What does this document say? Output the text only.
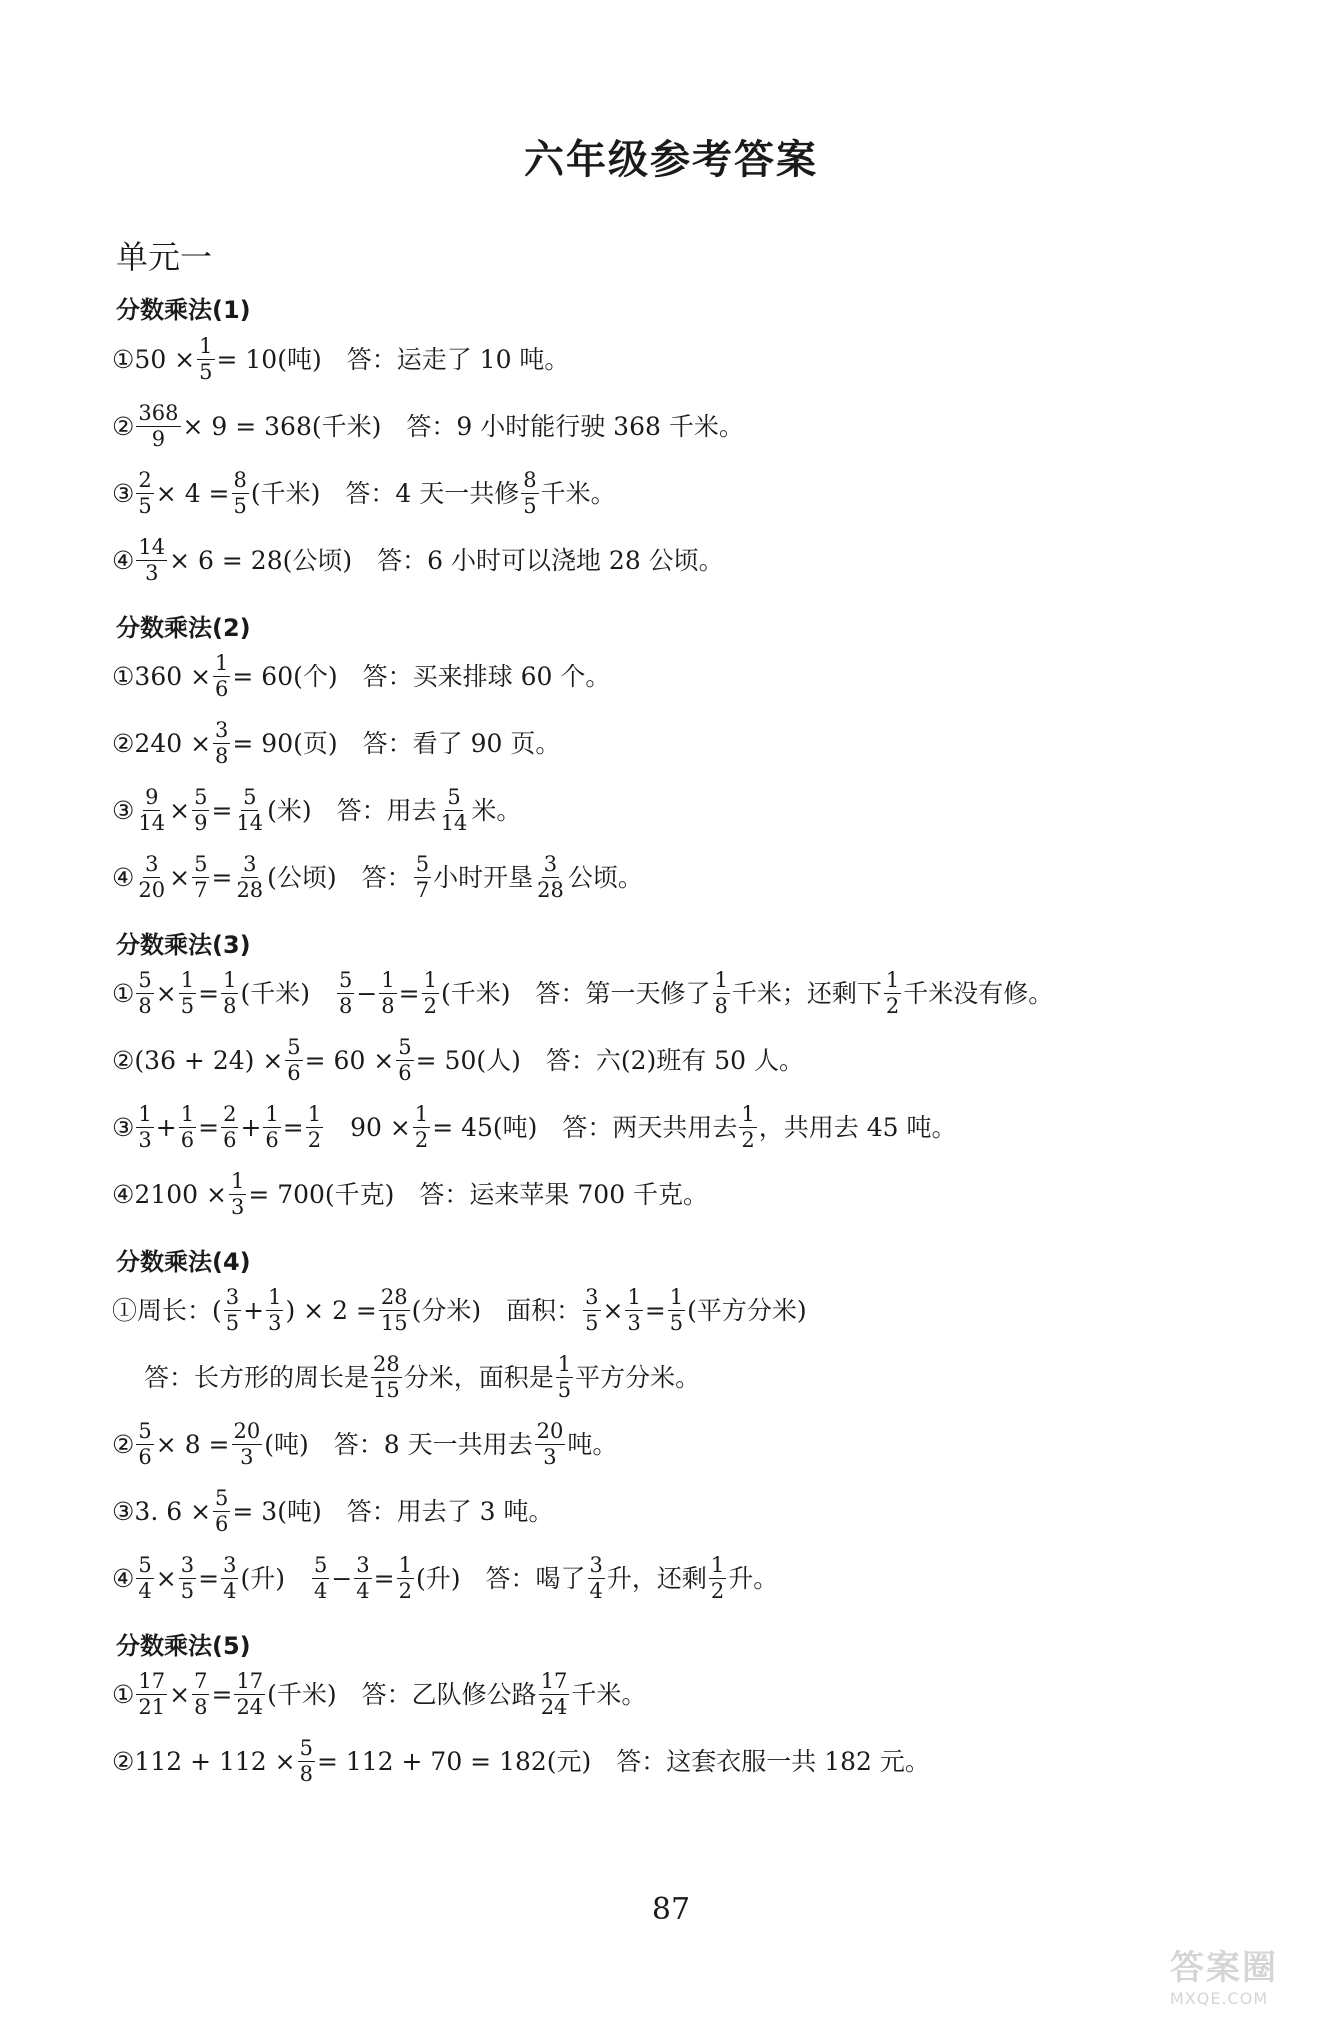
六年级参考答案
单元一
分数乘法(1)
①50 × $\frac{1}{5} = 10$(吨)　答：运走了 10 吨。
② $\frac{368}{9} \times 9 = 368$(千米)　答：9 小时能行驶 368 千米。
③ $\frac{2}{5} \times 4 = \frac{8}{5}$ (千米)　答：4 天一共修 $\frac{8}{5}$ 千米。
④ $\frac{14}{3} \times 6 = 28$(公顷)　答：6 小时可以浇地 28 公顷。
分数乘法(2)
①360 × $\frac{1}{6} = 60$(个)　答：买来排球 60 个。
②240 × $\frac{3}{8} = 90$(页)　答：看了 90 页。
③ $\frac{9}{14} \times \frac{5}{9} = \frac{5}{14}$ (米)　答：用去 $\frac{5}{14}$ 米。
④ $\frac{3}{20} \times \frac{5}{7} = \frac{3}{28}$ (公顷)　答： $\frac{5}{7}$ 小时开垦 $\frac{3}{28}$ 公顷。
分数乘法(3)
① $\frac{5}{8} \times \frac{1}{5} = \frac{1}{8}$ (千米)　 $\frac{5}{8} - \frac{1}{8} = \frac{1}{2}$ (千米)　答：第一天修了 $\frac{1}{8}$ 千米；还剩下 $\frac{1}{2}$ 千米没有修。
②(36 + $24) \times \frac{5}{6} = 60 \times \frac{5}{6} = 50$(人)　答：六(2)班有 50 人。
③ $\frac{1}{3} + \frac{1}{6} = \frac{2}{6} + \frac{1}{6} = \frac{1}{2}$ 　$90 \times \frac{1}{2} = 45$(吨)　答：两天共用去 $\frac{1}{2}$ ，共用去 45 吨。
④2100 × $\frac{1}{3} = 700$(千克)　答：运来苹果 700 千克。
分数乘法(4)
①周长：( $\frac{3}{5} + \frac{1}{3}$ ) × $2 = \frac{28}{15}$ (分米)　面积： $\frac{3}{5} \times \frac{1}{3} = \frac{1}{5}$ (平方分米)
答：长方形的周长是 $\frac{28}{15}$ 分米，面积是 $\frac{1}{5}$ 平方分米。
② $\frac{5}{6} \times 8 = \frac{20}{3}$ (吨)　答：8 天一共用去 $\frac{20}{3}$ 吨。
③3. $6 \times \frac{5}{6} = 3$(吨)　答：用去了 3 吨。
④ $\frac{5}{4} \times \frac{3}{5} = \frac{3}{4}$ (升)　 $\frac{5}{4} - \frac{3}{4} = \frac{1}{2}$ (升)　答：喝了 $\frac{3}{4}$ 升，还剩 $\frac{1}{2}$ 升。
分数乘法(5)
① $\frac{17}{21} \times \frac{7}{8} = \frac{17}{24}$ (千米)　答：乙队修公路 $\frac{17}{24}$ 千米。
②112 + $112 \times \frac{5}{8} = 112 + 70 = 182$(元)　答：这套衣服一共 182 元。
87
答案圈
MXQE.COM
